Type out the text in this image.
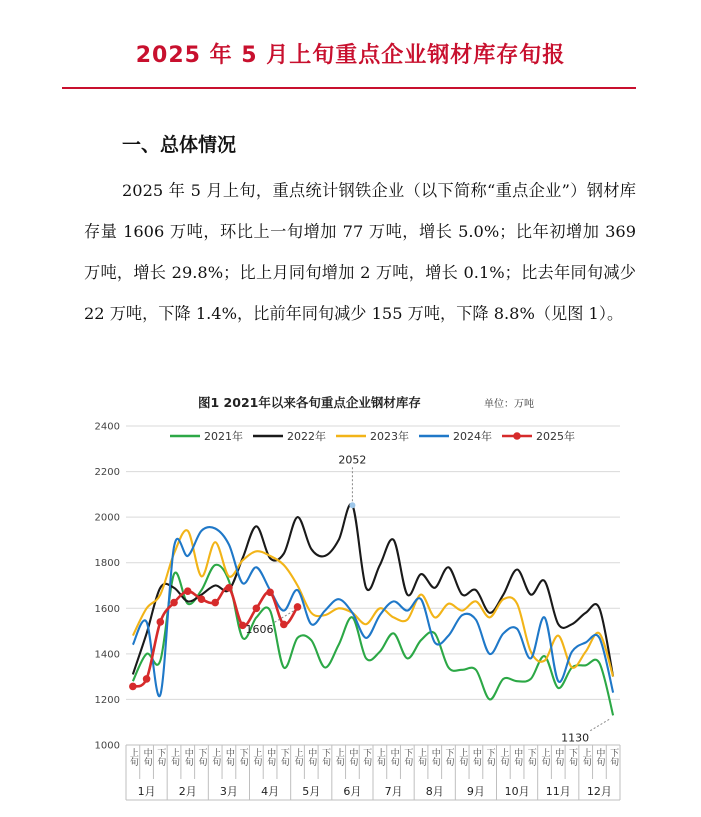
2025 年 5 月上旬重点企业钢材库存旬报
一、总体情况

2025 年 5 月上旬，重点统计钢铁企业（以下简称“重点企业”）钢材库存量 1606 万吨，环比上一旬增加 77 万吨，增长 5.0%；比年初增加 369 万吨，增长 29.8%；比上月同旬增加 2 万吨，增长 0.1%；比去年同旬减少 22 万吨，下降 1.4%，比前年同旬减少 155 万吨，下降 8.8%（见图 1）。

图1 2021年以来各旬重点企业钢材库存	单位：万吨
1000
1200
1400
1600
1800
2000
2200
2400
上旬 中旬 下旬 上旬 中旬 下旬 上旬 中旬 下旬 上旬 中旬 下旬 上旬 中旬 下旬 上旬 中旬 下旬 上旬 中旬 下旬 上旬 中旬 下旬 上旬 中旬 下旬 上旬 中旬 下旬 上旬 中旬 下旬 上旬 中旬 下旬
1月 2月 3月 4月 5月 6月 7月 8月 9月 10月 11月 12月
1606
2052
1130
2021年	2022年	2023年	2024年	2025年
